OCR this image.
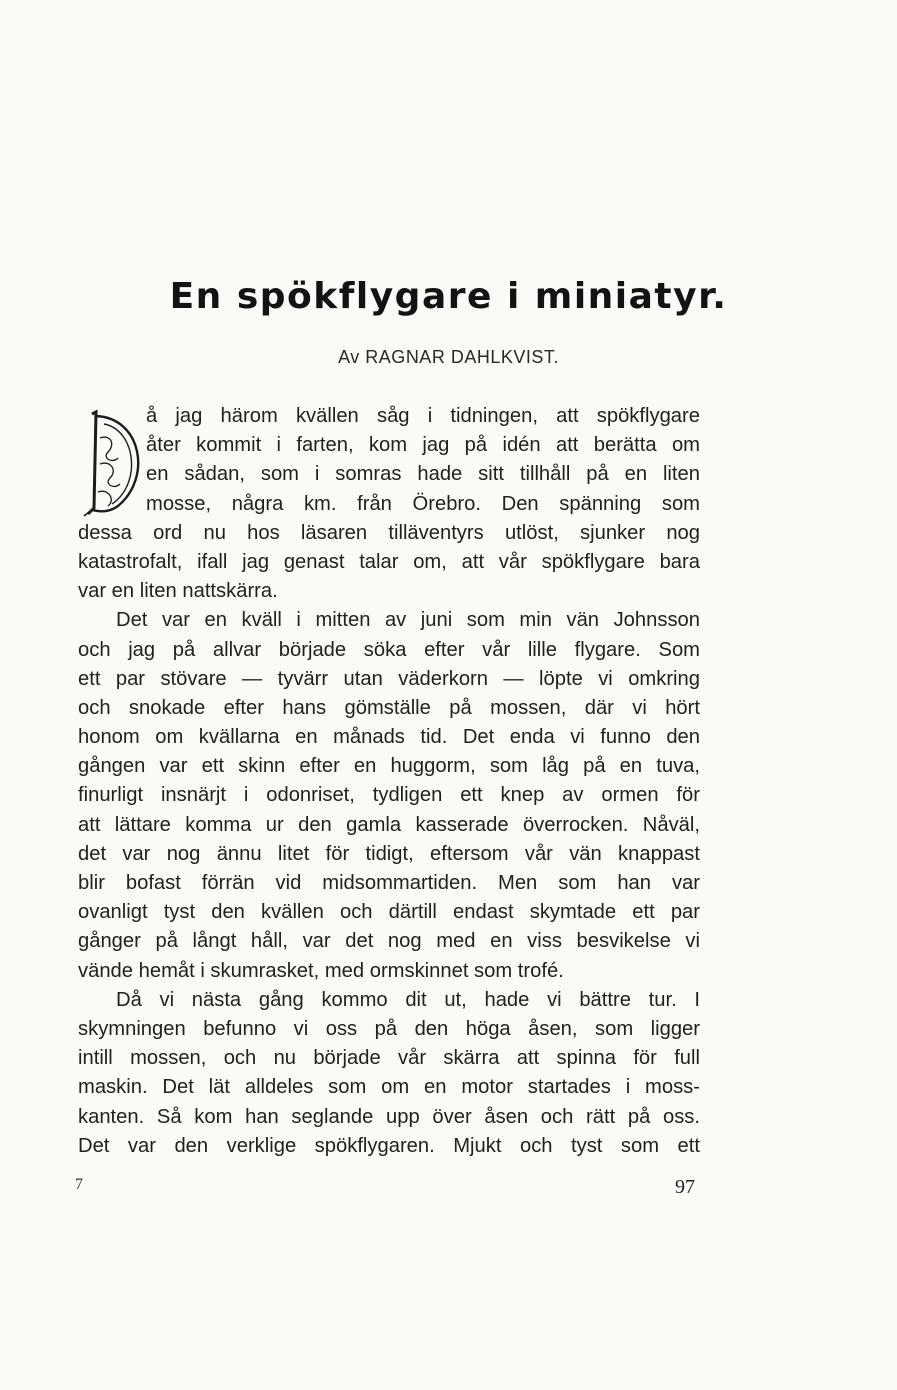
En spökflygare i miniatyr.
Av RAGNAR DAHLKVIST.
å jag härom kvällen såg i tidningen, att spökflygare
åter kommit i farten, kom jag på idén att berätta om
en sådan, som i somras hade sitt tillhåll på en liten
mosse, några km. från Örebro. Den spänning som
dessa ord nu hos läsaren tilläventyrs utlöst, sjunker nog
katastrofalt, ifall jag genast talar om, att vår spökflygare bara
var en liten nattskärra.
Det var en kväll i mitten av juni som min vän Johnsson
och jag på allvar började söka efter vår lille flygare. Som
ett par stövare — tyvärr utan väderkorn — löpte vi omkring
och snokade efter hans gömställe på mossen, där vi hört
honom om kvällarna en månads tid. Det enda vi funno den
gången var ett skinn efter en huggorm, som låg på en tuva,
finurligt insnärjt i odonriset, tydligen ett knep av ormen för
att lättare komma ur den gamla kasserade överrocken. Nåväl,
det var nog ännu litet för tidigt, eftersom vår vän knappast
blir bofast förrän vid midsommartiden. Men som han var
ovanligt tyst den kvällen och därtill endast skymtade ett par
gånger på långt håll, var det nog med en viss besvikelse vi
vände hemåt i skumrasket, med ormskinnet som trofé.
Då vi nästa gång kommo dit ut, hade vi bättre tur. I
skymningen befunno vi oss på den höga åsen, som ligger
intill mossen, och nu började vår skärra att spinna för full
maskin. Det lät alldeles som om en motor startades i moss-
kanten. Så kom han seglande upp över åsen och rätt på oss.
Det var den verklige spökflygaren. Mjukt och tyst som ett
7	97
